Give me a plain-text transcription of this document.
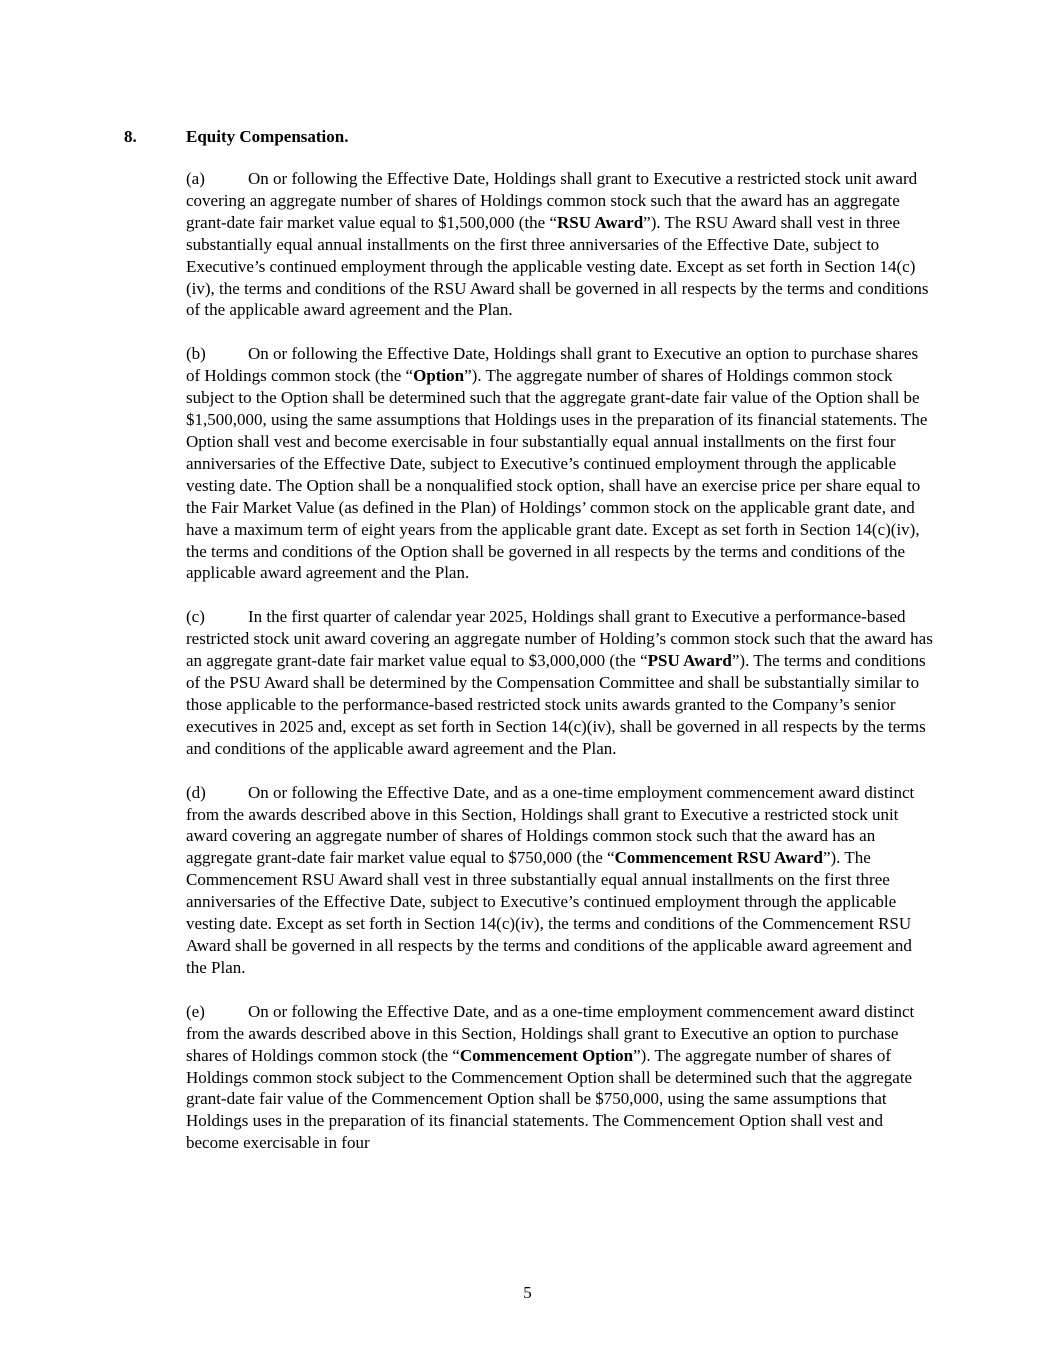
8.	Equity Compensation.

(a)	On or following the Effective Date, Holdings shall grant to Executive a restricted stock unit award covering an aggregate number of shares of Holdings common stock such that the award has an aggregate grant-date fair market value equal to $1,500,000 (the “RSU Award”). The RSU Award shall vest in three substantially equal annual installments on the first three anniversaries of the Effective Date, subject to Executive’s continued employment through the applicable vesting date. Except as set forth in Section 14(c)(iv), the terms and conditions of the RSU Award shall be governed in all respects by the terms and conditions of the applicable award agreement and the Plan.

(b) On or following the Effective Date, Holdings shall grant to Executive an option to purchase shares of Holdings common stock (the “Option”). The aggregate number of shares of Holdings common stock subject to the Option shall be determined such that the aggregate grant-date fair value of the Option shall be $1,500,000, using the same assumptions that Holdings uses in the preparation of its financial statements. The Option shall vest and become exercisable in four substantially equal annual installments on the first four anniversaries of the Effective Date, subject to Executive’s continued employment through the applicable vesting date. The Option shall be a nonqualified stock option, shall have an exercise price per share equal to the Fair Market Value (as defined in the Plan) of Holdings’ common stock on the applicable grant date, and have a maximum term of eight years from the applicable grant date. Except as set forth in Section 14(c)(iv), the terms and conditions of the Option shall be governed in all respects by the terms and conditions of the applicable award agreement and the Plan.

(c)	In the first quarter of calendar year 2025, Holdings shall grant to Executive a performance-based restricted stock unit award covering an aggregate number of Holding’s common stock such that the award has an aggregate grant-date fair market value equal to $3,000,000 (the “PSU Award”). The terms and conditions of the PSU Award shall be determined by the Compensation Committee and shall be substantially similar to those applicable to the performance-based restricted stock units awards granted to the Company’s senior executives in 2025 and, except as set forth in Section 14(c)(iv), shall be governed in all respects by the terms and conditions of the applicable award agreement and the Plan.

(d) On or following the Effective Date, and as a one-time employment commencement award distinct from the awards described above in this Section, Holdings shall grant to Executive a restricted stock unit award covering an aggregate number of shares of Holdings common stock such that the award has an aggregate grant-date fair market value equal to $750,000 (the “Commencement RSU Award”). The Commencement RSU Award shall vest in three substantially equal annual installments on the first three anniversaries of the Effective Date, subject to Executive’s continued employment through the applicable vesting date. Except as set forth in Section 14(c)(iv), the terms and conditions of the Commencement RSU Award shall be governed in all respects by the terms and conditions of the applicable award agreement and the Plan.

(e)	On or following the Effective Date, and as a one-time employment commencement award distinct from the awards described above in this Section, Holdings shall grant to Executive an option to purchase shares of Holdings common stock (the “Commencement Option”). The aggregate number of shares of Holdings common stock subject to the Commencement Option shall be determined such that the aggregate grant-date fair value of the Commencement Option shall be $750,000, using the same assumptions that Holdings uses in the preparation of its financial statements. The Commencement Option shall vest and become exercisable in four

5
